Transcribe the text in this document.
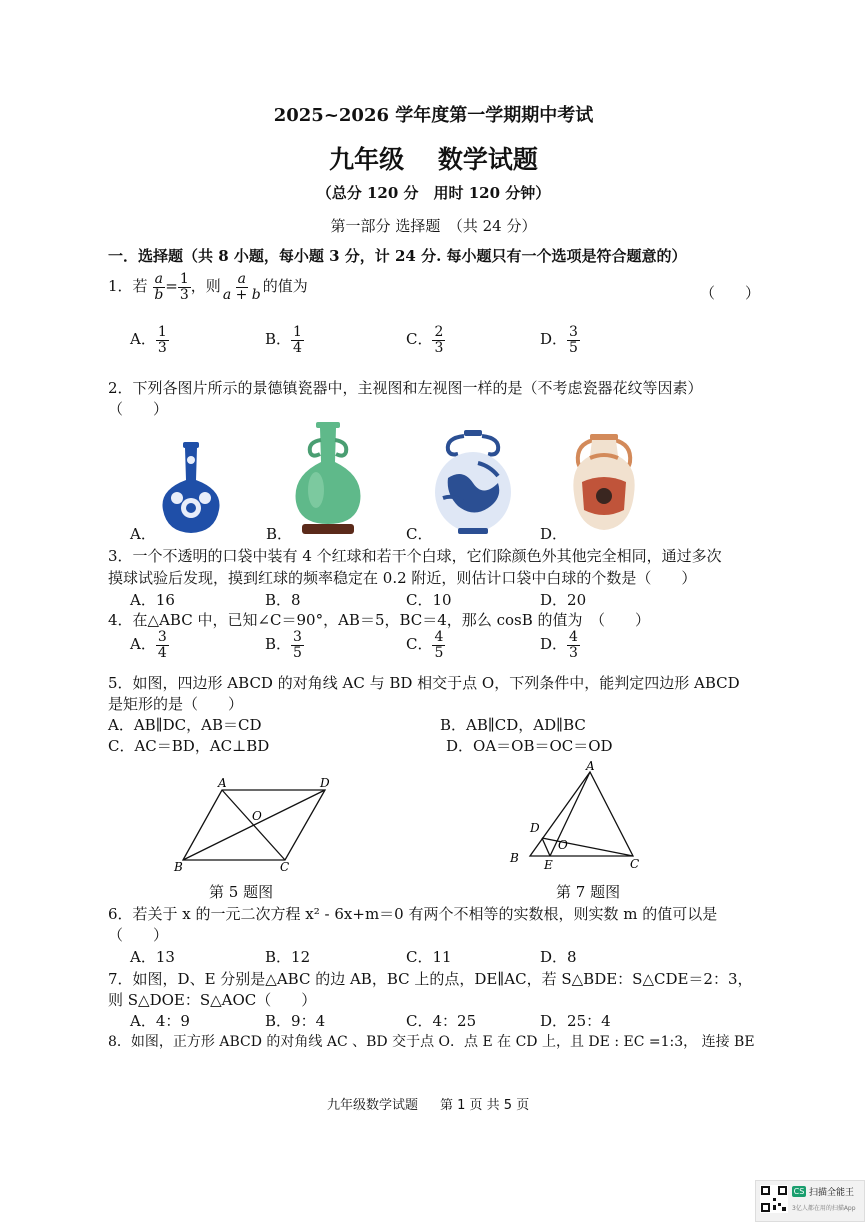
2025~2026 学年度第一学期期中考试
九年级　 数学试题
（总分 120 分　用时 120 分钟）
第一部分 选择题　（共 24 分）
一．选择题（共 8 小题，每小题 3 分，计 24 分. 每小题只有一个选项是符合题意的）
1．若 $\frac{a}{b} = \frac{1}{3}$ ，则 $\frac{a}{a + b}$ 的值为	（　　）
A． $\frac{1}{3}$	B． $\frac{1}{4}$	C． $\frac{2}{3}$	D． $\frac{3}{5}$
2．下列各图片所示的景德镇瓷器中，主视图和左视图一样的是（不考虑瓷器花纹等因素）
（　　）
A．	B．	C．	D．
3．一个不透明的口袋中装有 4 个红球和若干个白球，它们除颜色外其他完全相同，通过多次
摸球试验后发现，摸到红球的频率稳定在 0.2 附近，则估计口袋中白球的个数是（　　）
A．16	B．8	C．10	D．20
4．在△ABC 中，已知∠C＝90°，AB＝5，BC＝4，那么 cosB 的值为　（　　）
A． $\frac{3}{4}$	B． $\frac{3}{5}$	C． $\frac{4}{5}$	D． $\frac{4}{3}$
5．如图，四边形 ABCD 的对角线 AC 与 BD 相交于点 O，下列条件中，能判定四边形 ABCD
是矩形的是（　　）
A．AB∥DC，AB＝CD	B．AB∥CD，AD∥BC
C．AC＝BD，AC⊥BD	D．OA＝OB＝OC＝OD
A	D
B	C
O
第 5 题图
A
B	C
D
E
O
第 7 题图
6．若关于 x 的一元二次方程 x² - 6x+m＝0 有两个不相等的实数根，则实数 m 的值可以是
（　　）
A．13	B．12	C．11	D．8
7．如图，D、E 分别是△ABC 的边 AB，BC 上的点，DE∥AC，若 S△BDE：S△CDE＝2：3，
则 S△DOE：S△AOC（　　）
A．4：9	B．9：4	C．4：25	D．25：4
8．如图，正方形 ABCD 的对角线 AC 、BD 交于点 O．点 E 在 CD 上，且 DE : EC =1:3， 连接 BE
九年级数学试题 第 1 页 共 5 页
CS 扫描全能王
3亿人都在用的扫描App
